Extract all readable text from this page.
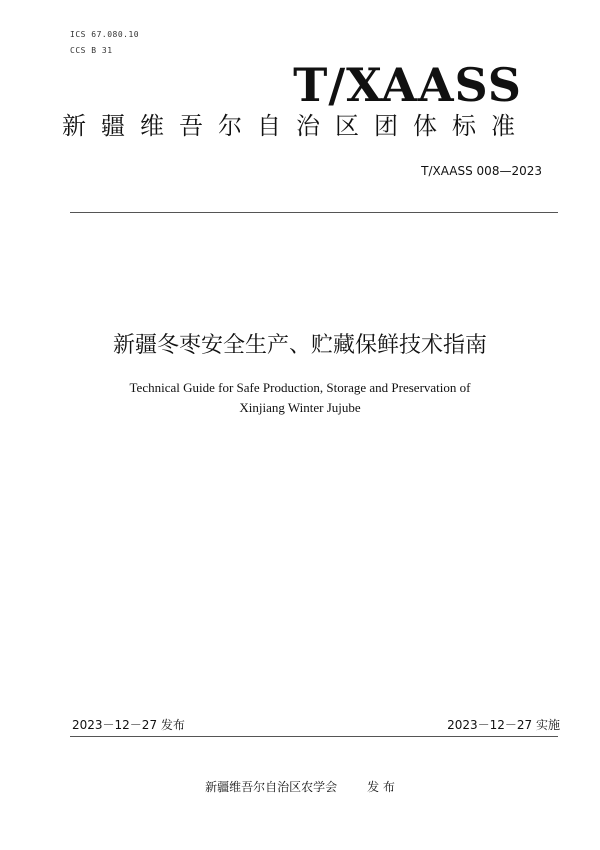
ICS 67.080.10
CCS B 31
T/XAASS
新疆维吾尔自治区团体标准
T/XAASS 008—2023
新疆冬枣安全生产、贮藏保鲜技术指南
Technical Guide for Safe Production, Storage and Preservation of
Xinjiang Winter Jujube
2023－12－27 发布	2023－12－27 实施
新疆维吾尔自治区农学会	发 布
